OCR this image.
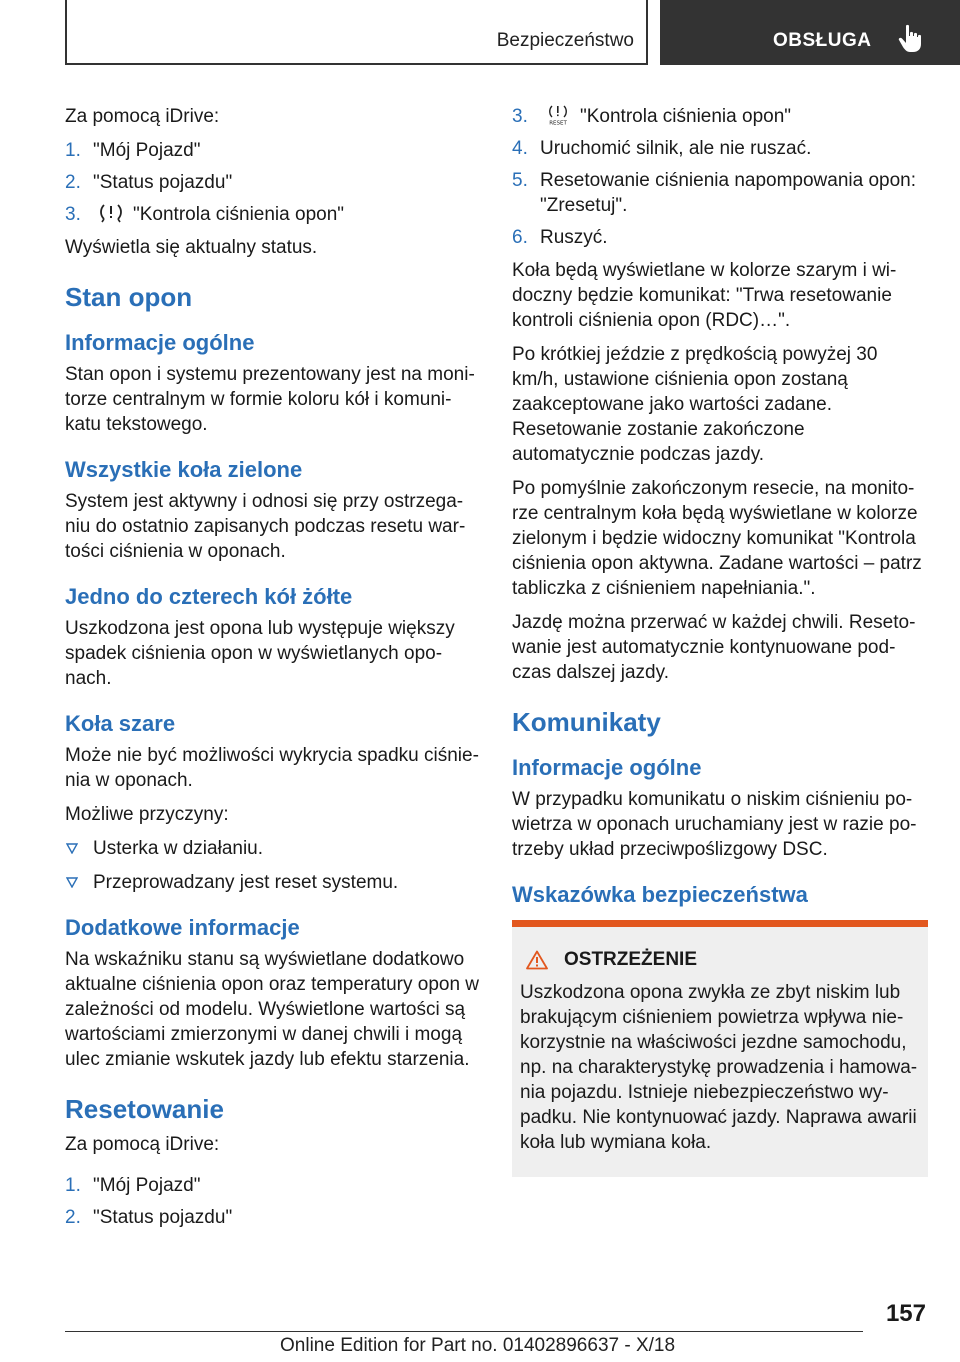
Bezpieczeństwo	OBSŁUGA

Za pomocą iDrive:

1. "Mój Pojazd"
2. "Status pojazdu"
3.	"Kontrola ciśnienia opon"

Wyświetla się aktualny status.

Stan opon
Informacje ogólne

Stan opon i systemu prezentowany jest na monitorze centralnym w formie koloru kół i komunikatu tekstowego.

Wszystkie koła zielone

System jest aktywny i odnosi się przy ostrzeganiu do ostatnio zapisanych podczas resetu wartości ciśnienia w oponach.

Jedno do czterech kół żółte

Uszkodzona jest opona lub występuje większy spadek ciśnienia opon w wyświetlanych oponach.

Koła szare

Może nie być możliwości wykrycia spadku ciśnienia w oponach.

Możliwe przyczyny:

Usterka w działaniu.
Przeprowadzany jest reset systemu.
Dodatkowe informacje

Na wskaźniku stanu są wyświetlane dodatkowo aktualne ciśnienia opon oraz temperatury opon w zależności od modelu. Wyświetlone wartości są wartościami zmierzonymi w danej chwili i mogą ulec zmianie wskutek jazdy lub efektu starzenia.

Resetowanie

Za pomocą iDrive:

1. "Mój Pojazd"
2. "Status pojazdu"
3.	RESET "Kontrola ciśnienia opon"
4. Uruchomić silnik, ale nie ruszać.
5. Resetowanie ciśnienia napompowania opon: "Zresetuj".
6. Ruszyć.

Koła będą wyświetlane w kolorze szarym i widoczny będzie komunikat: "Trwa resetowanie kontroli ciśnienia opon (RDC)…".

Po krótkiej jeździe z prędkością powyżej 30 km/h, ustawione ciśnienia opon zostaną zaakceptowane jako wartości zadane. Resetowanie zostanie zakończone automatycznie podczas jazdy.

Po pomyślnie zakończonym resecie, na monitorze centralnym koła będą wyświetlane w kolorze zielonym i będzie widoczny komunikat "Kontrola ciśnienia opon aktywna. Zadane wartości – patrz tabliczka z ciśnieniem napełniania.".

Jazdę można przerwać w każdej chwili. Resetowanie jest automatycznie kontynuowane podczas dalszej jazdy.

Komunikaty
Informacje ogólne

W przypadku komunikatu o niskim ciśnieniu powietrza w oponach uruchamiany jest w razie potrzeby układ przeciwpoślizgowy DSC.

Wskazówka bezpieczeństwa
OSTRZEŻENIE
Uszkodzona opona zwykła ze zbyt niskim lub brakującym ciśnieniem powietrza wpływa niekorzystnie na właściwości jezdne samochodu, np. na charakterystykę prowadzenia i hamowania pojazdu. Istnieje niebezpieczeństwo wypadku. Nie kontynuować jazdy. Naprawa awarii koła lub wymiana koła.
157
Online Edition for Part no. 01402896637 - X/18
